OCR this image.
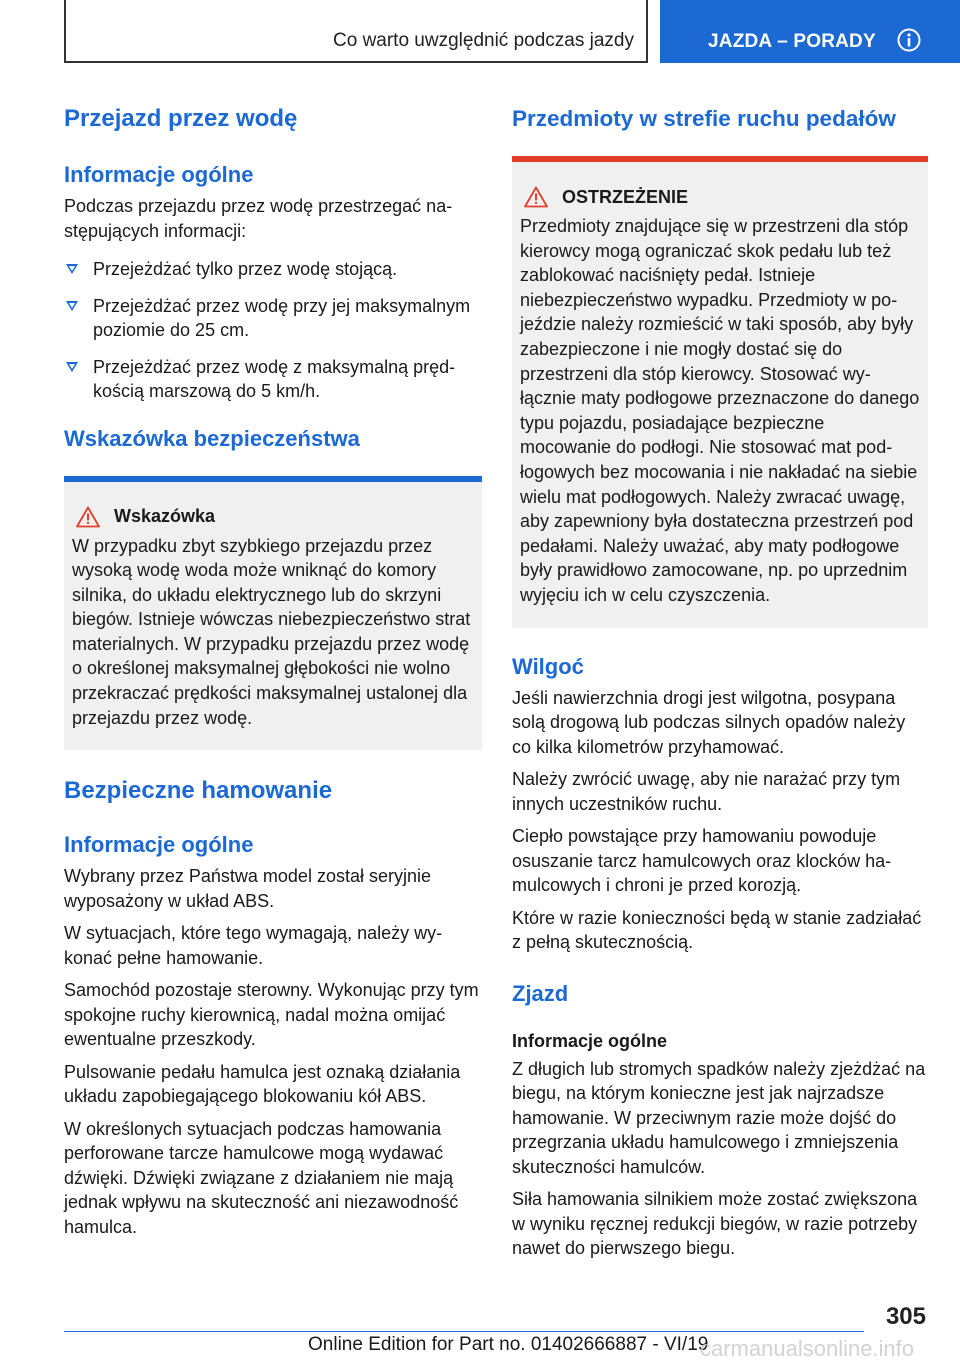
Co warto uwzględnić podczas jazdy	JAZDA – PORADY
Przejazd przez wodę
Informacje ogólne

Podczas przejazdu przez wodę przestrzegać następujących informacji:

Przejeżdżać tylko przez wodę stojącą.
Przejeżdżać przez wodę przy jej maksymalnym poziomie do 25 cm.
Przejeżdżać przez wodę z maksymalną prędkością marszową do 5 km/h.
Wskazówka bezpieczeństwa
Wskazówka

W przypadku zbyt szybkiego przejazdu przez wysoką wodę woda może wniknąć do komory silnika, do układu elektrycznego lub do skrzyni biegów. Istnieje wówczas niebezpieczeństwo strat materialnych. W przypadku przejazdu przez wodę o określonej maksymalnej głębokości nie wolno przekraczać prędkości maksymalnej ustalonej dla przejazdu przez wodę.

Bezpieczne hamowanie
Informacje ogólne

Wybrany przez Państwa model został seryjnie wyposażony w układ ABS.

W sytuacjach, które tego wymagają, należy wykonać pełne hamowanie.

Samochód pozostaje sterowny. Wykonując przy tym spokojne ruchy kierownicą, nadal można omijać ewentualne przeszkody.

Pulsowanie pedału hamulca jest oznaką działania układu zapobiegającego blokowaniu kół ABS.

W określonych sytuacjach podczas hamowania perforowane tarcze hamulcowe mogą wydawać dźwięki. Dźwięki związane z działaniem nie mają jednak wpływu na skuteczność ani niezawodność hamulca.

Przedmioty w strefie ruchu pedałów
OSTRZEŻENIE

Przedmioty znajdujące się w przestrzeni dla stóp kierowcy mogą ograniczać skok pedału lub też zablokować naciśnięty pedał. Istnieje niebezpieczeństwo wypadku. Przedmioty w pojeździe należy rozmieścić w taki sposób, aby były zabezpieczone i nie mogły dostać się do przestrzeni dla stóp kierowcy. Stosować wyłącznie maty podłogowe przeznaczone do danego typu pojazdu, posiadające bezpieczne mocowanie do podłogi. Nie stosować mat podłogowych bez mocowania i nie nakładać na siebie wielu mat podłogowych. Należy zwracać uwagę, aby zapewniony była dostateczna przestrzeń pod pedałami. Należy uważać, aby maty podłogowe były prawidłowo zamocowane, np. po uprzednim wyjęciu ich w celu czyszczenia.

Wilgoć

Jeśli nawierzchnia drogi jest wilgotna, posypana solą drogową lub podczas silnych opadów należy co kilka kilometrów przyhamować.

Należy zwrócić uwagę, aby nie narażać przy tym innych uczestników ruchu.

Ciepło powstające przy hamowaniu powoduje osuszanie tarcz hamulcowych oraz klocków hamulcowych i chroni je przed korozją.

Które w razie konieczności będą w stanie zadziałać z pełną skutecznością.

Zjazd
Informacje ogólne

Z długich lub stromych spadków należy zjeżdżać na biegu, na którym konieczne jest jak najrzadsze hamowanie. W przeciwnym razie może dojść do przegrzania układu hamulcowego i zmniejszenia skuteczności hamulców.

Siła hamowania silnikiem może zostać zwiększona w wyniku ręcznej redukcji biegów, w razie potrzeby nawet do pierwszego biegu.

305
Online Edition for Part no. 01402666887 - VI/19
carmanualsonline.info
